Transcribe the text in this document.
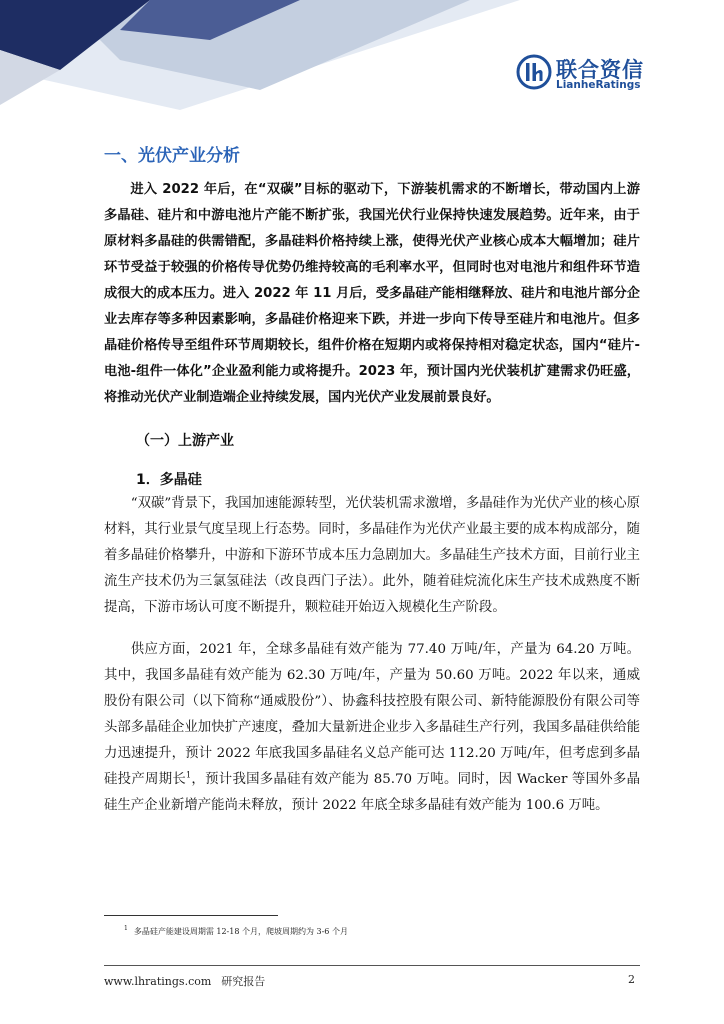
联合资信
LianheRatings
一、光伏产业分析

进入 2022 年后，在“双碳”目标的驱动下，下游装机需求的不断增长，带动国内上游多晶硅、硅片和中游电池片产能不断扩张，我国光伏行业保持快速发展趋势。近年来，由于原材料多晶硅的供需错配，多晶硅料价格持续上涨，使得光伏产业核心成本大幅增加；硅片环节受益于较强的价格传导优势仍维持较高的毛利率水平，但同时也对电池片和组件环节造成很大的成本压力。进入 2022 年 11 月后，受多晶硅产能相继释放、硅片和电池片部分企业去库存等多种因素影响，多晶硅价格迎来下跌，并进一步向下传导至硅片和电池片。但多晶硅价格传导至组件环节周期较长，组件价格在短期内或将保持相对稳定状态，国内“硅片-电池-组件一体化”企业盈利能力或将提升。2023 年，预计国内光伏装机扩建需求仍旺盛，将推动光伏产业制造端企业持续发展，国内光伏产业发展前景良好。

（一）上游产业
1．多晶硅

“双碳”背景下，我国加速能源转型，光伏装机需求激增，多晶硅作为光伏产业的核心原材料，其行业景气度呈现上行态势。同时，多晶硅作为光伏产业最主要的成本构成部分，随着多晶硅价格攀升，中游和下游环节成本压力急剧加大。多晶硅生产技术方面，目前行业主流生产技术仍为三氯氢硅法（改良西门子法）。此外，随着硅烷流化床生产技术成熟度不断提高，下游市场认可度不断提升，颗粒硅开始迈入规模化生产阶段。

供应方面，2021 年，全球多晶硅有效产能为 77.40 万吨/年，产量为 64.20 万吨。其中，我国多晶硅有效产能为 62.30 万吨/年，产量为 50.60 万吨。2022 年以来，通威股份有限公司（以下简称“通威股份”）、协鑫科技控股有限公司、新特能源股份有限公司等头部多晶硅企业加快扩产速度，叠加大量新进企业步入多晶硅生产行列，我国多晶硅供给能力迅速提升，预计 2022 年底我国多晶硅名义总产能可达 112.20 万吨/年，但考虑到多晶硅投产周期长$^1$，预计我国多晶硅有效产能为 85.70 万吨。同时，因 Wacker 等国外多晶硅生产企业新增产能尚未释放，预计 2022 年底全球多晶硅有效产能为 100.6 万吨。

$^1$ 多晶硅产能建设周期需 12-18 个月，爬坡周期约为 3-6 个月
www.lhratings.com 研究报告	2
